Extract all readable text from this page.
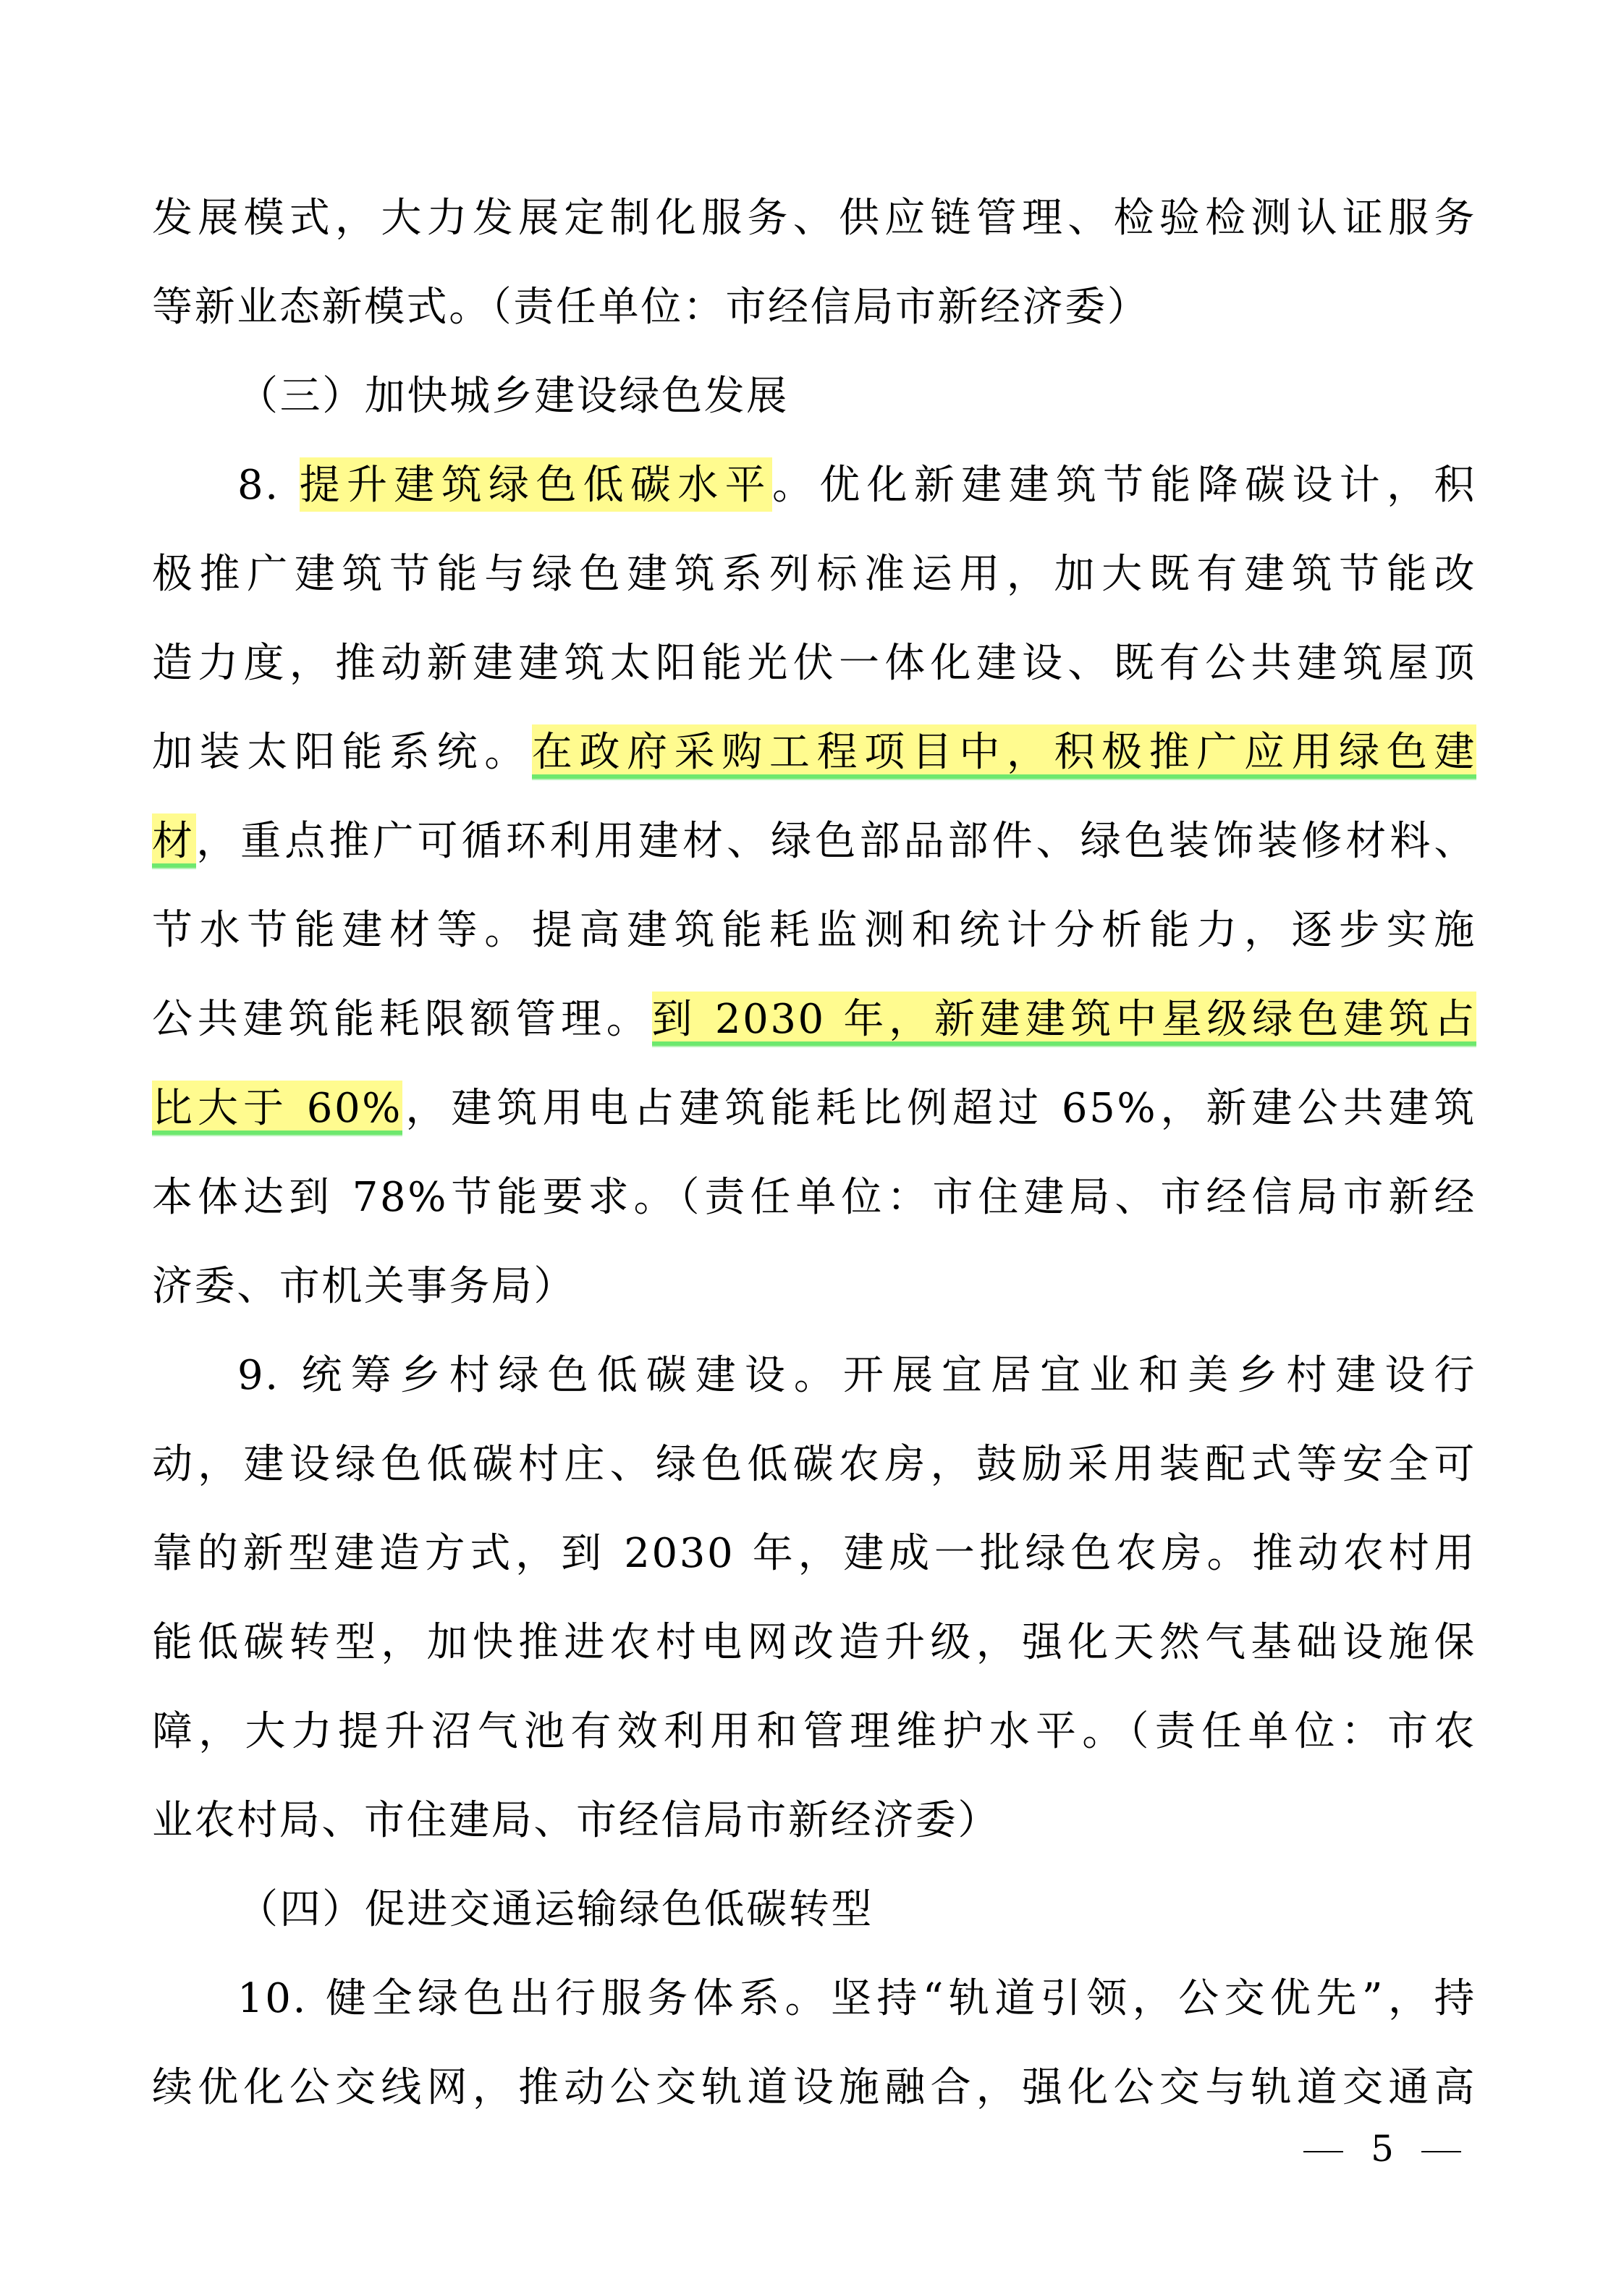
发展模式，大力发展定制化服务、供应链管理、检验检测认证服务
等新业态新模式。（责任单位：市经信局市新经济委）
（三）加快城乡建设绿色发展
8. 提升建筑绿色低碳水平。优化新建建筑节能降碳设计，积
极推广建筑节能与绿色建筑系列标准运用，加大既有建筑节能改
造力度，推动新建建筑太阳能光伏一体化建设、既有公共建筑屋顶
加装太阳能系统。在政府采购工程项目中，积极推广应用绿色建
材，重点推广可循环利用建材、绿色部品部件、绿色装饰装修材料、
节水节能建材等。提高建筑能耗监测和统计分析能力，逐步实施
公共建筑能耗限额管理。到 2030 年，新建建筑中星级绿色建筑占
比大于 60%，建筑用电占建筑能耗比例超过 65%，新建公共建筑
本体达到 78%节能要求。（责任单位：市住建局、市经信局市新经
济委、市机关事务局）
9. 统筹乡村绿色低碳建设。开展宜居宜业和美乡村建设行
动，建设绿色低碳村庄、绿色低碳农房，鼓励采用装配式等安全可
靠的新型建造方式，到 2030 年，建成一批绿色农房。推动农村用
能低碳转型，加快推进农村电网改造升级，强化天然气基础设施保
障，大力提升沼气池有效利用和管理维护水平。（责任单位：市农
业农村局、市住建局、市经信局市新经济委）
（四）促进交通运输绿色低碳转型
10. 健全绿色出行服务体系。坚持“轨道引领，公交优先”，持
续优化公交线网，推动公交轨道设施融合，强化公交与轨道交通高
5
